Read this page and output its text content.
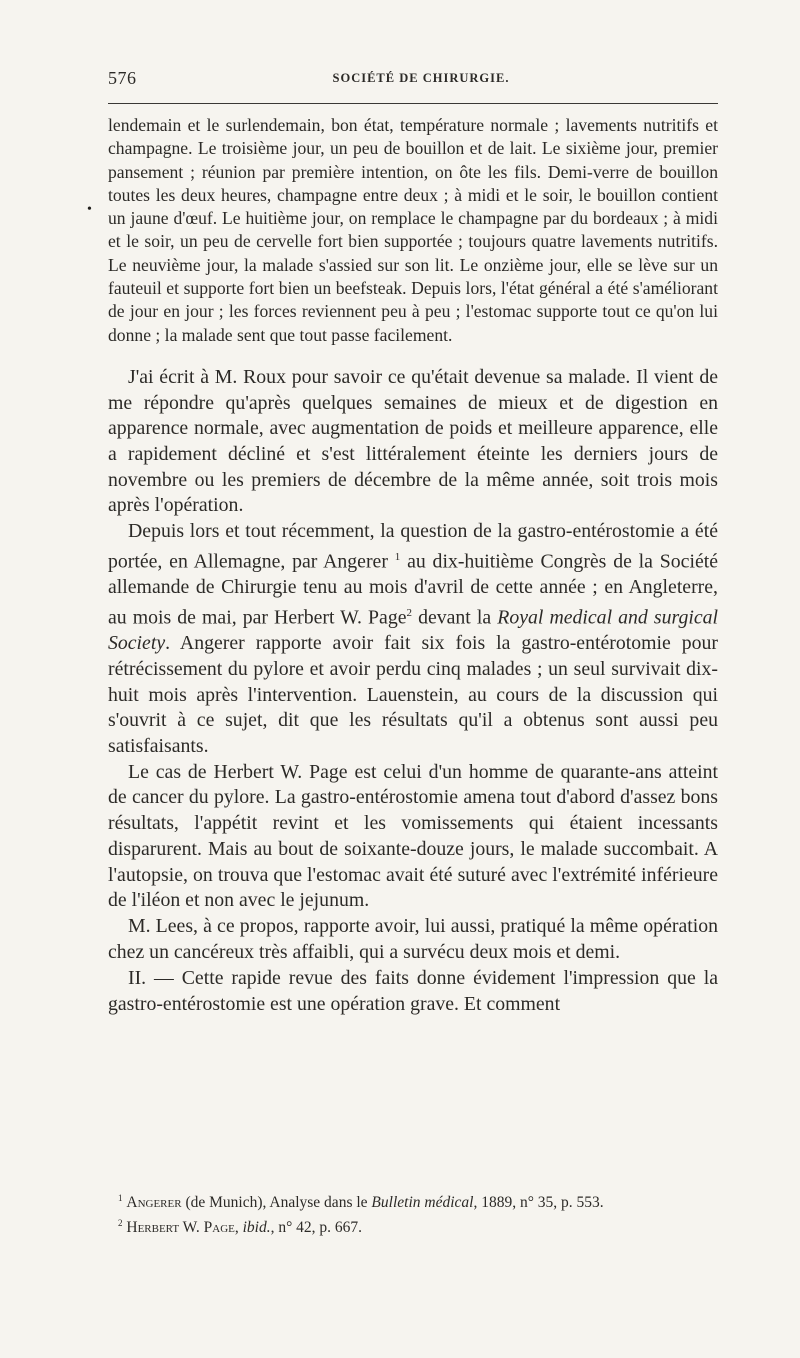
576	SOCIÉTÉ DE CHIRURGIE.
•

lendemain et le surlendemain, bon état, température normale ; lavements nutritifs et champagne. Le troisième jour, un peu de bouillon et de lait. Le sixième jour, premier pansement ; réunion par première intention, on ôte les fils. Demi-verre de bouillon toutes les deux heures, champagne entre deux ; à midi et le soir, le bouillon contient un jaune d'œuf. Le huitième jour, on remplace le champagne par du bordeaux ; à midi et le soir, un peu de cervelle fort bien supportée ; toujours quatre lavements nutritifs. Le neuvième jour, la malade s'assied sur son lit. Le onzième jour, elle se lève sur un fauteuil et supporte fort bien un beefsteak. Depuis lors, l'état général a été s'améliorant de jour en jour ; les forces reviennent peu à peu ; l'estomac supporte tout ce qu'on lui donne ; la malade sent que tout passe facilement.

J'ai écrit à M. Roux pour savoir ce qu'était devenue sa malade. Il vient de me répondre qu'après quelques semaines de mieux et de digestion en apparence normale, avec augmentation de poids et meilleure apparence, elle a rapidement décliné et s'est littéralement éteinte les derniers jours de novembre ou les premiers de décembre de la même année, soit trois mois après l'opération.

Depuis lors et tout récemment, la question de la gastro-entérostomie a été portée, en Allemagne, par Angerer $^1$ au dix-huitième Congrès de la Société allemande de Chirurgie tenu au mois d'avril de cette année ; en Angleterre, au mois de mai, par Herbert W. Page$^2$ devant la Royal medical and surgical Society. Angerer rapporte avoir fait six fois la gastro-entérotomie pour rétrécissement du pylore et avoir perdu cinq malades ; un seul survivait dix-huit mois après l'intervention. Lauenstein, au cours de la discussion qui s'ouvrit à ce sujet, dit que les résultats qu'il a obtenus sont aussi peu satisfaisants.

Le cas de Herbert W. Page est celui d'un homme de quarante-ans atteint de cancer du pylore. La gastro-entérostomie amena tout d'abord d'assez bons résultats, l'appétit revint et les vomissements qui étaient incessants disparurent. Mais au bout de soixante-douze jours, le malade succombait. A l'autopsie, on trouva que l'estomac avait été suturé avec l'extrémité inférieure de l'iléon et non avec le jejunum.

M. Lees, à ce propos, rapporte avoir, lui aussi, pratiqué la même opération chez un cancéreux très affaibli, qui a survécu deux mois et demi.

II. — Cette rapide revue des faits donne évidement l'impression que la gastro-entérostomie est une opération grave. Et comment

$^1$ Angerer (de Munich), Analyse dans le Bulletin médical, 1889, n° 35, p. 553.
$^2$ Herbert W. Page, ibid., n° 42, p. 667.
